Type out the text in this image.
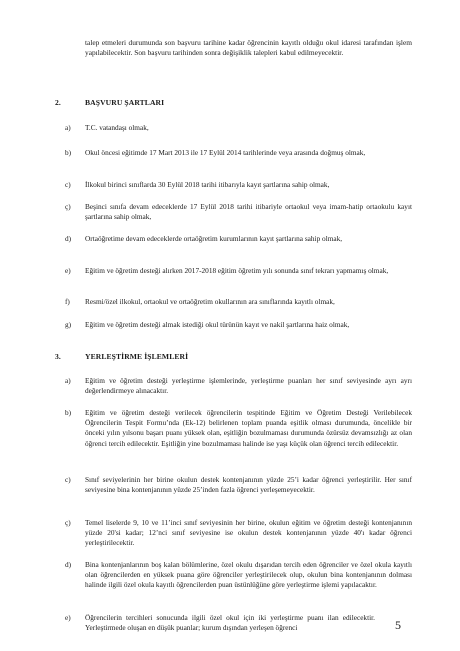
talep etmeleri durumunda son başvuru tarihine kadar öğrencinin kayıtlı olduğu okul idaresi tarafından işlem yapılabilecektir. Son başvuru tarihinden sonra değişiklik talepleri kabul edilmeyecektir.
2.	BAŞVURU ŞARTLARI
a)	T.C. vatandaşı olmak,
b)	Okul öncesi eğitimde 17 Mart 2013 ile 17 Eylül 2014 tarihlerinde veya arasında doğmuş olmak,
c)	İlkokul birinci sınıflarda 30 Eylül 2018 tarihi itibarıyla kayıt şartlarına sahip olmak,
ç)	Beşinci sınıfa devam edeceklerde 17 Eylül 2018 tarihi itibariyle ortaokul veya imam-hatip ortaokulu kayıt şartlarına sahip olmak,
d)	Ortaöğretime devam edeceklerde ortaöğretim kurumlarının kayıt şartlarına sahip olmak,
e)	Eğitim ve öğretim desteği alırken 2017-2018 eğitim öğretim yılı sonunda sınıf tekrarı yapmamış olmak,
f)	Resmi/özel ilkokul, ortaokul ve ortaöğretim okullarının ara sınıflarında kayıtlı olmak,
g)	Eğitim ve öğretim desteği almak istediği okul türünün kayıt ve nakil şartlarına haiz olmak,
3.	YERLEŞTİRME İŞLEMLERİ
a)	Eğitim ve öğretim desteği yerleştirme işlemlerinde, yerleştirme puanları her sınıf seviyesinde ayrı ayrı değerlendirmeye alınacaktır.
b)	Eğitim ve öğretim desteği verilecek öğrencilerin tespitinde Eğitim ve Öğretim Desteği Verilebilecek Öğrencilerin Tespit Formu’nda (Ek-12) belirlenen toplam puanda eşitlik olması durumunda, öncelikle bir önceki yılın yılsonu başarı puanı yüksek olan, eşitliğin bozulmaması durumunda özürsüz devamsızlığı az olan öğrenci tercih edilecektir. Eşitliğin yine bozulmaması halinde ise yaşı küçük olan öğrenci tercih edilecektir.
c)	Sınıf seviyelerinin her birine okulun destek kontenjanının yüzde 25’i kadar öğrenci yerleştirilir. Her sınıf seviyesine bina kontenjanının yüzde 25’inden fazla öğrenci yerleşemeyecektir.
ç)	Temel liselerde 9, 10 ve 11’inci sınıf seviyesinin her birine, okulun eğitim ve öğretim desteği kontenjanının yüzde 20'si kadar; 12’nci sınıf seviyesine ise okulun destek kontenjanının yüzde 40'ı kadar öğrenci yerleştirilecektir.
d)	Bina kontenjanlarının boş kalan bölümlerine, özel okulu dışarıdan tercih eden öğrenciler ve özel okula kayıtlı olan öğrencilerden en yüksek puana göre öğrenciler yerleştirilecek olup, okulun bina kontenjanının dolması halinde ilgili özel okula kayıtlı öğrencilerden puan üstünlüğüne göre yerleştirme işlemi yapılacaktır.
e)	Öğrencilerin tercihleri sonucunda ilgili özel okul için iki yerleştirme puanı ilan edilecektir. Yerleştirmede oluşan en düşük puanlar; kurum dışından yerleşen öğrenci	5
